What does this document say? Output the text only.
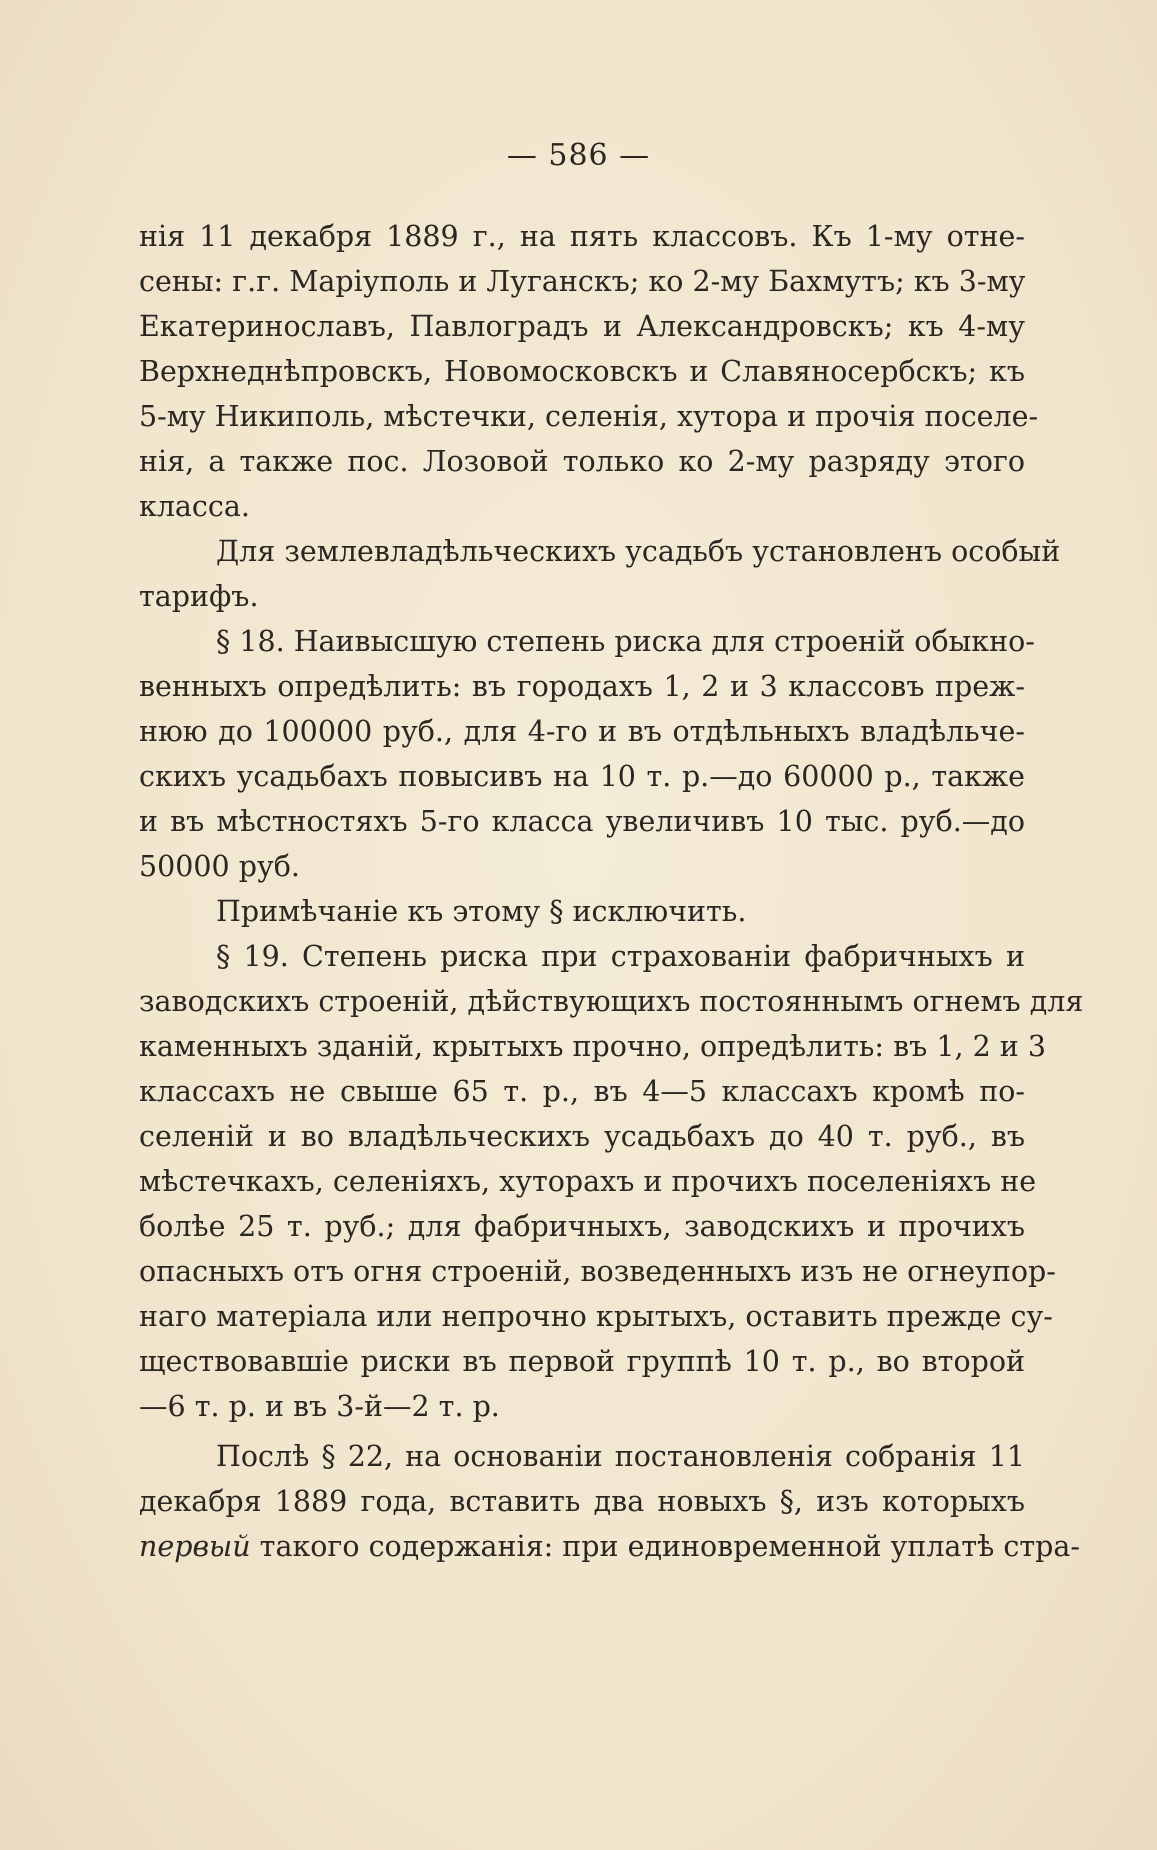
— 586 —
нія 11 декабря 1889 г., на пять классовъ. Къ 1-му отне-
сены: г.г. Маріуполь и Луганскъ; ко 2-му Бахмутъ; къ 3-му
Екатеринославъ, Павлоградъ и Александровскъ; къ 4-му
Верхнеднѣпровскъ, Новомосковскъ и Славяносербскъ; къ
5-му Никиполь, мѣстечки, селенія, хутора и прочія поселе-
нія, а также пос. Лозовой только ко 2-му разряду этого
класса.
Для землевладѣльческихъ усадьбъ установленъ особый
тарифъ.
§ 18. Наивысшую степень риска для строеній обыкно-
венныхъ опредѣлить: въ городахъ 1, 2 и 3 классовъ преж-
нюю до 100000 руб., для 4-го и въ отдѣльныхъ владѣльче-
скихъ усадьбахъ повысивъ на 10 т. р.—до 60000 р., также
и въ мѣстностяхъ 5-го класса увеличивъ 10 тыс. руб.—до
50000 руб.
Примѣчаніе къ этому § исключить.
§ 19. Степень риска при страхованіи фабричныхъ и
заводскихъ строеній, дѣйствующихъ постояннымъ огнемъ для
каменныхъ зданій, крытыхъ прочно, опредѣлить: въ 1, 2 и 3
классахъ не свыше 65 т. р., въ 4—5 классахъ кромѣ по-
селеній и во владѣльческихъ усадьбахъ до 40 т. руб., въ
мѣстечкахъ, селеніяхъ, хуторахъ и прочихъ поселеніяхъ не
болѣе 25 т. руб.; для фабричныхъ, заводскихъ и прочихъ
опасныхъ отъ огня строеній, возведенныхъ изъ не огнеупор-
наго матеріала или непрочно крытыхъ, оставить прежде су-
ществовавшіе риски въ первой группѣ 10 т. р., во второй
—6 т. р. и въ 3-й—2 т. р.
Послѣ § 22, на основаніи постановленія собранія 11
декабря 1889 года, вставить два новыхъ §, изъ которыхъ
первый такого содержанія: при единовременной уплатѣ стра-
